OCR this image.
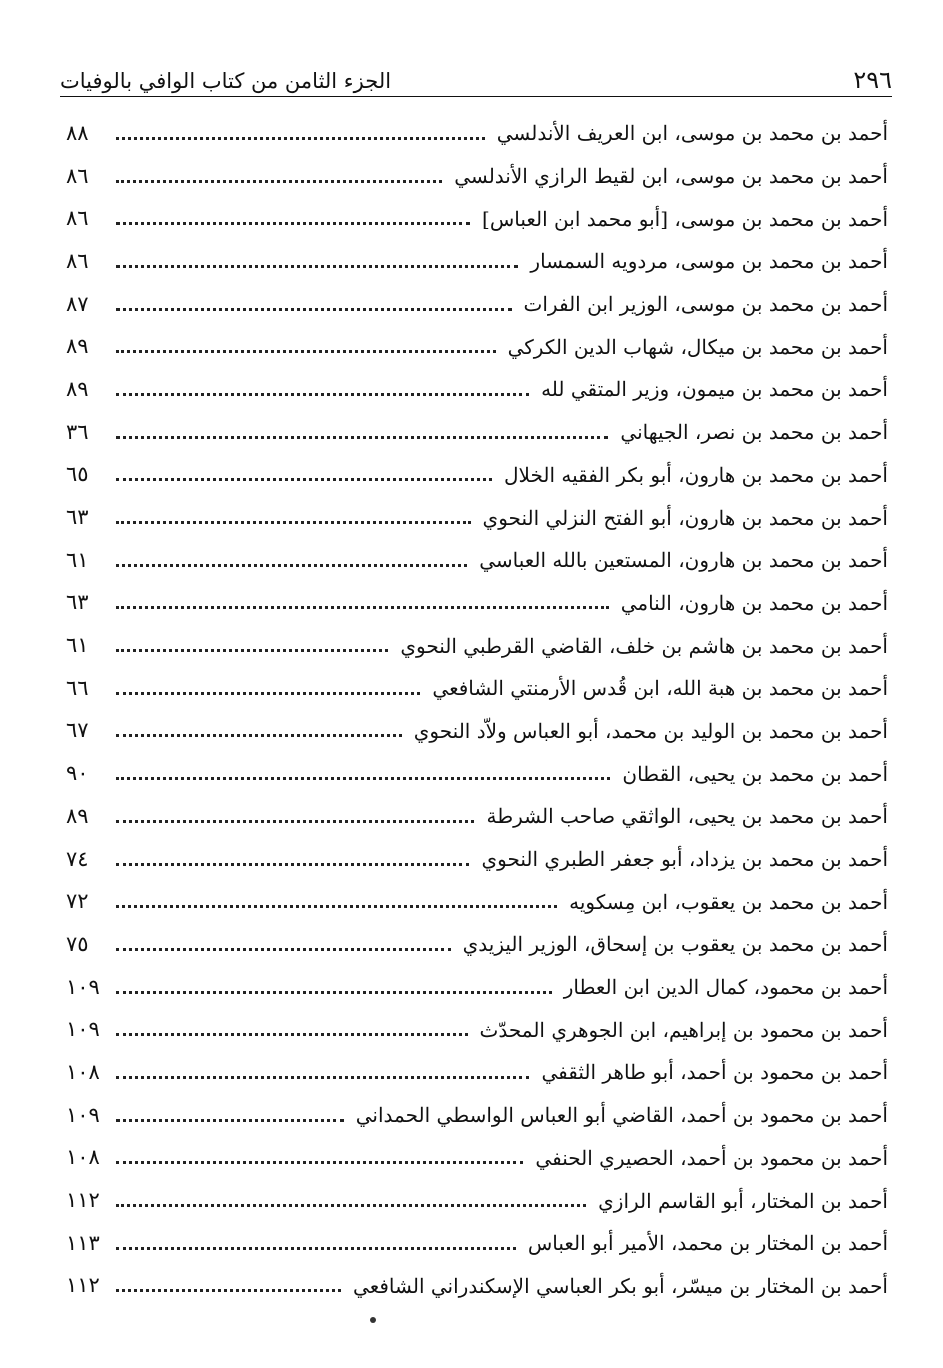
٢٩٦
الجزء الثامن من كتاب الوافي بالوفيات
أحمد بن محمد بن موسى، ابن العريف الأندلسي
٨٨
أحمد بن محمد بن موسى، ابن لقيط الرازي الأندلسي
٨٦
أحمد بن محمد بن موسى، [أبو محمد ابن العباس]
٨٦
أحمد بن محمد بن موسى، مردويه السمسار
٨٦
أحمد بن محمد بن موسى، الوزير ابن الفرات
٨٧
أحمد بن محمد بن ميكال، شهاب الدين الكركي
٨٩
أحمد بن محمد بن ميمون، وزير المتقي لله
٨٩
أحمد بن محمد بن نصر، الجيهاني
٣٦
أحمد بن محمد بن هارون، أبو بكر الفقيه الخلال
٦٥
أحمد بن محمد بن هارون، أبو الفتح النزلي النحوي
٦٣
أحمد بن محمد بن هارون، المستعين بالله العباسي
٦١
أحمد بن محمد بن هارون، النامي
٦٣
أحمد بن محمد بن هاشم بن خلف، القاضي القرطبي النحوي
٦١
أحمد بن محمد بن هبة الله، ابن قُدس الأرمنتي الشافعي
٦٦
أحمد بن محمد بن الوليد بن محمد، أبو العباس ولاّد النحوي
٦٧
أحمد بن محمد بن يحيى، القطان
٩٠
أحمد بن محمد بن يحيى، الواثقي صاحب الشرطة
٨٩
أحمد بن محمد بن يزداد، أبو جعفر الطبري النحوي
٧٤
أحمد بن محمد بن يعقوب، ابن مِسكويه
٧٢
أحمد بن محمد بن يعقوب بن إسحاق، الوزير اليزيدي
٧٥
أحمد بن محمود، كمال الدين ابن العطار
١٠٩
أحمد بن محمود بن إبراهيم، ابن الجوهري المحدّث
١٠٩
أحمد بن محمود بن أحمد، أبو طاهر الثقفي
١٠٨
أحمد بن محمود بن أحمد، القاضي أبو العباس الواسطي الحمداني
١٠٩
أحمد بن محمود بن أحمد، الحصيري الحنفي
١٠٨
أحمد بن المختار، أبو القاسم الرازي
١١٢
أحمد بن المختار بن محمد، الأمير أبو العباس
١١٣
أحمد بن المختار بن ميسّر، أبو بكر العباسي الإسكندراني الشافعي
١١٢
